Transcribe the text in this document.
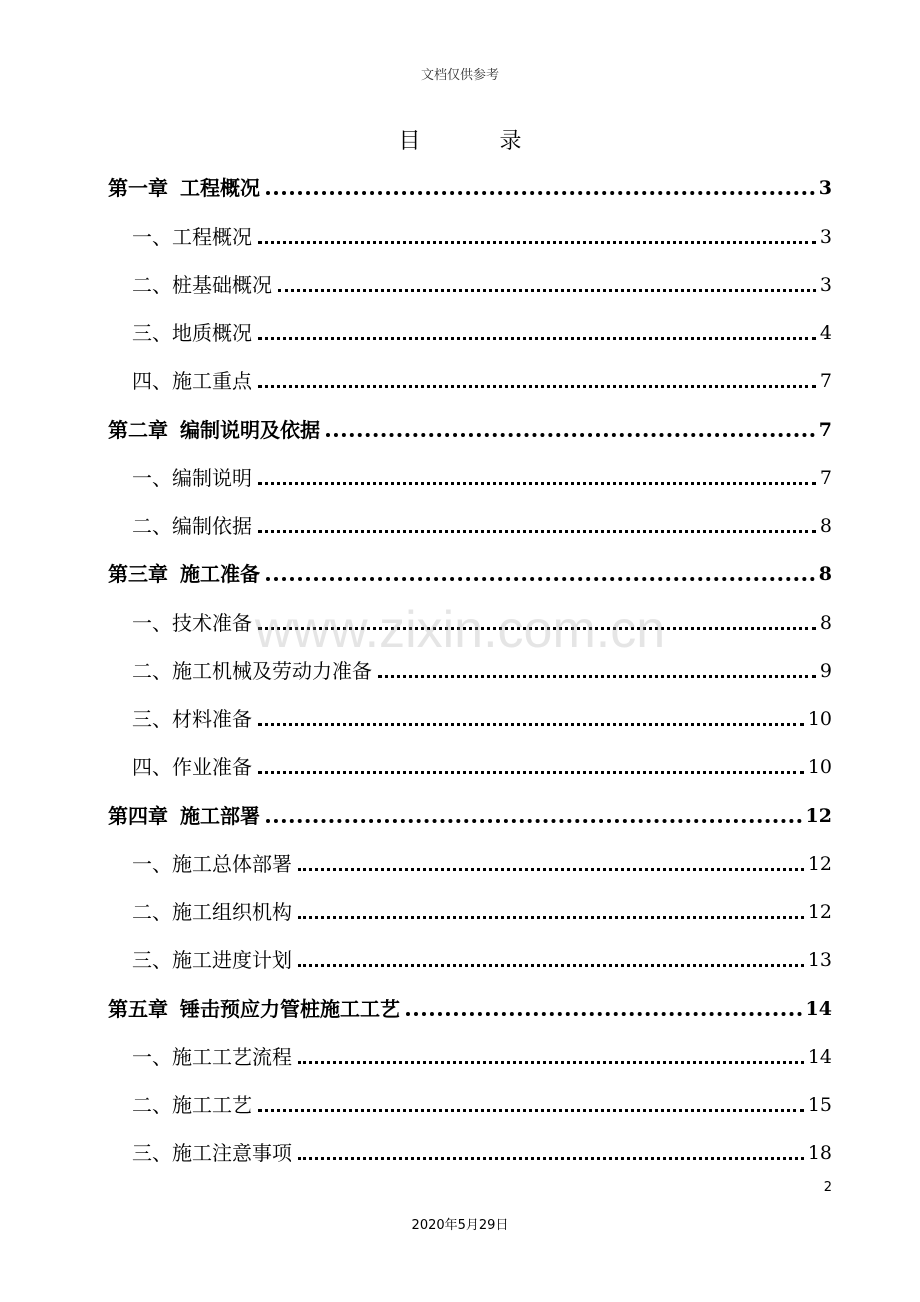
文档仅供参考
目	录
第一章 工程概况	3
一、工程概况	3
二、桩基础概况	3
三、地质概况	4
四、施工重点	7
第二章 编制说明及依据	7
一、编制说明	7
二、编制依据	8
第三章 施工准备	8
一、技术准备	8
二、施工机械及劳动力准备	9
三、材料准备	10
四、作业准备	10
第四章 施工部署	12
一、施工总体部署	12
二、施工组织机构	12
三、施工进度计划	13
第五章 锤击预应力管桩施工工艺	14
一、施工工艺流程	14
二、施工工艺	15
三、施工注意事项	18
www.zixin.com.cn
2
2020年5月29日
